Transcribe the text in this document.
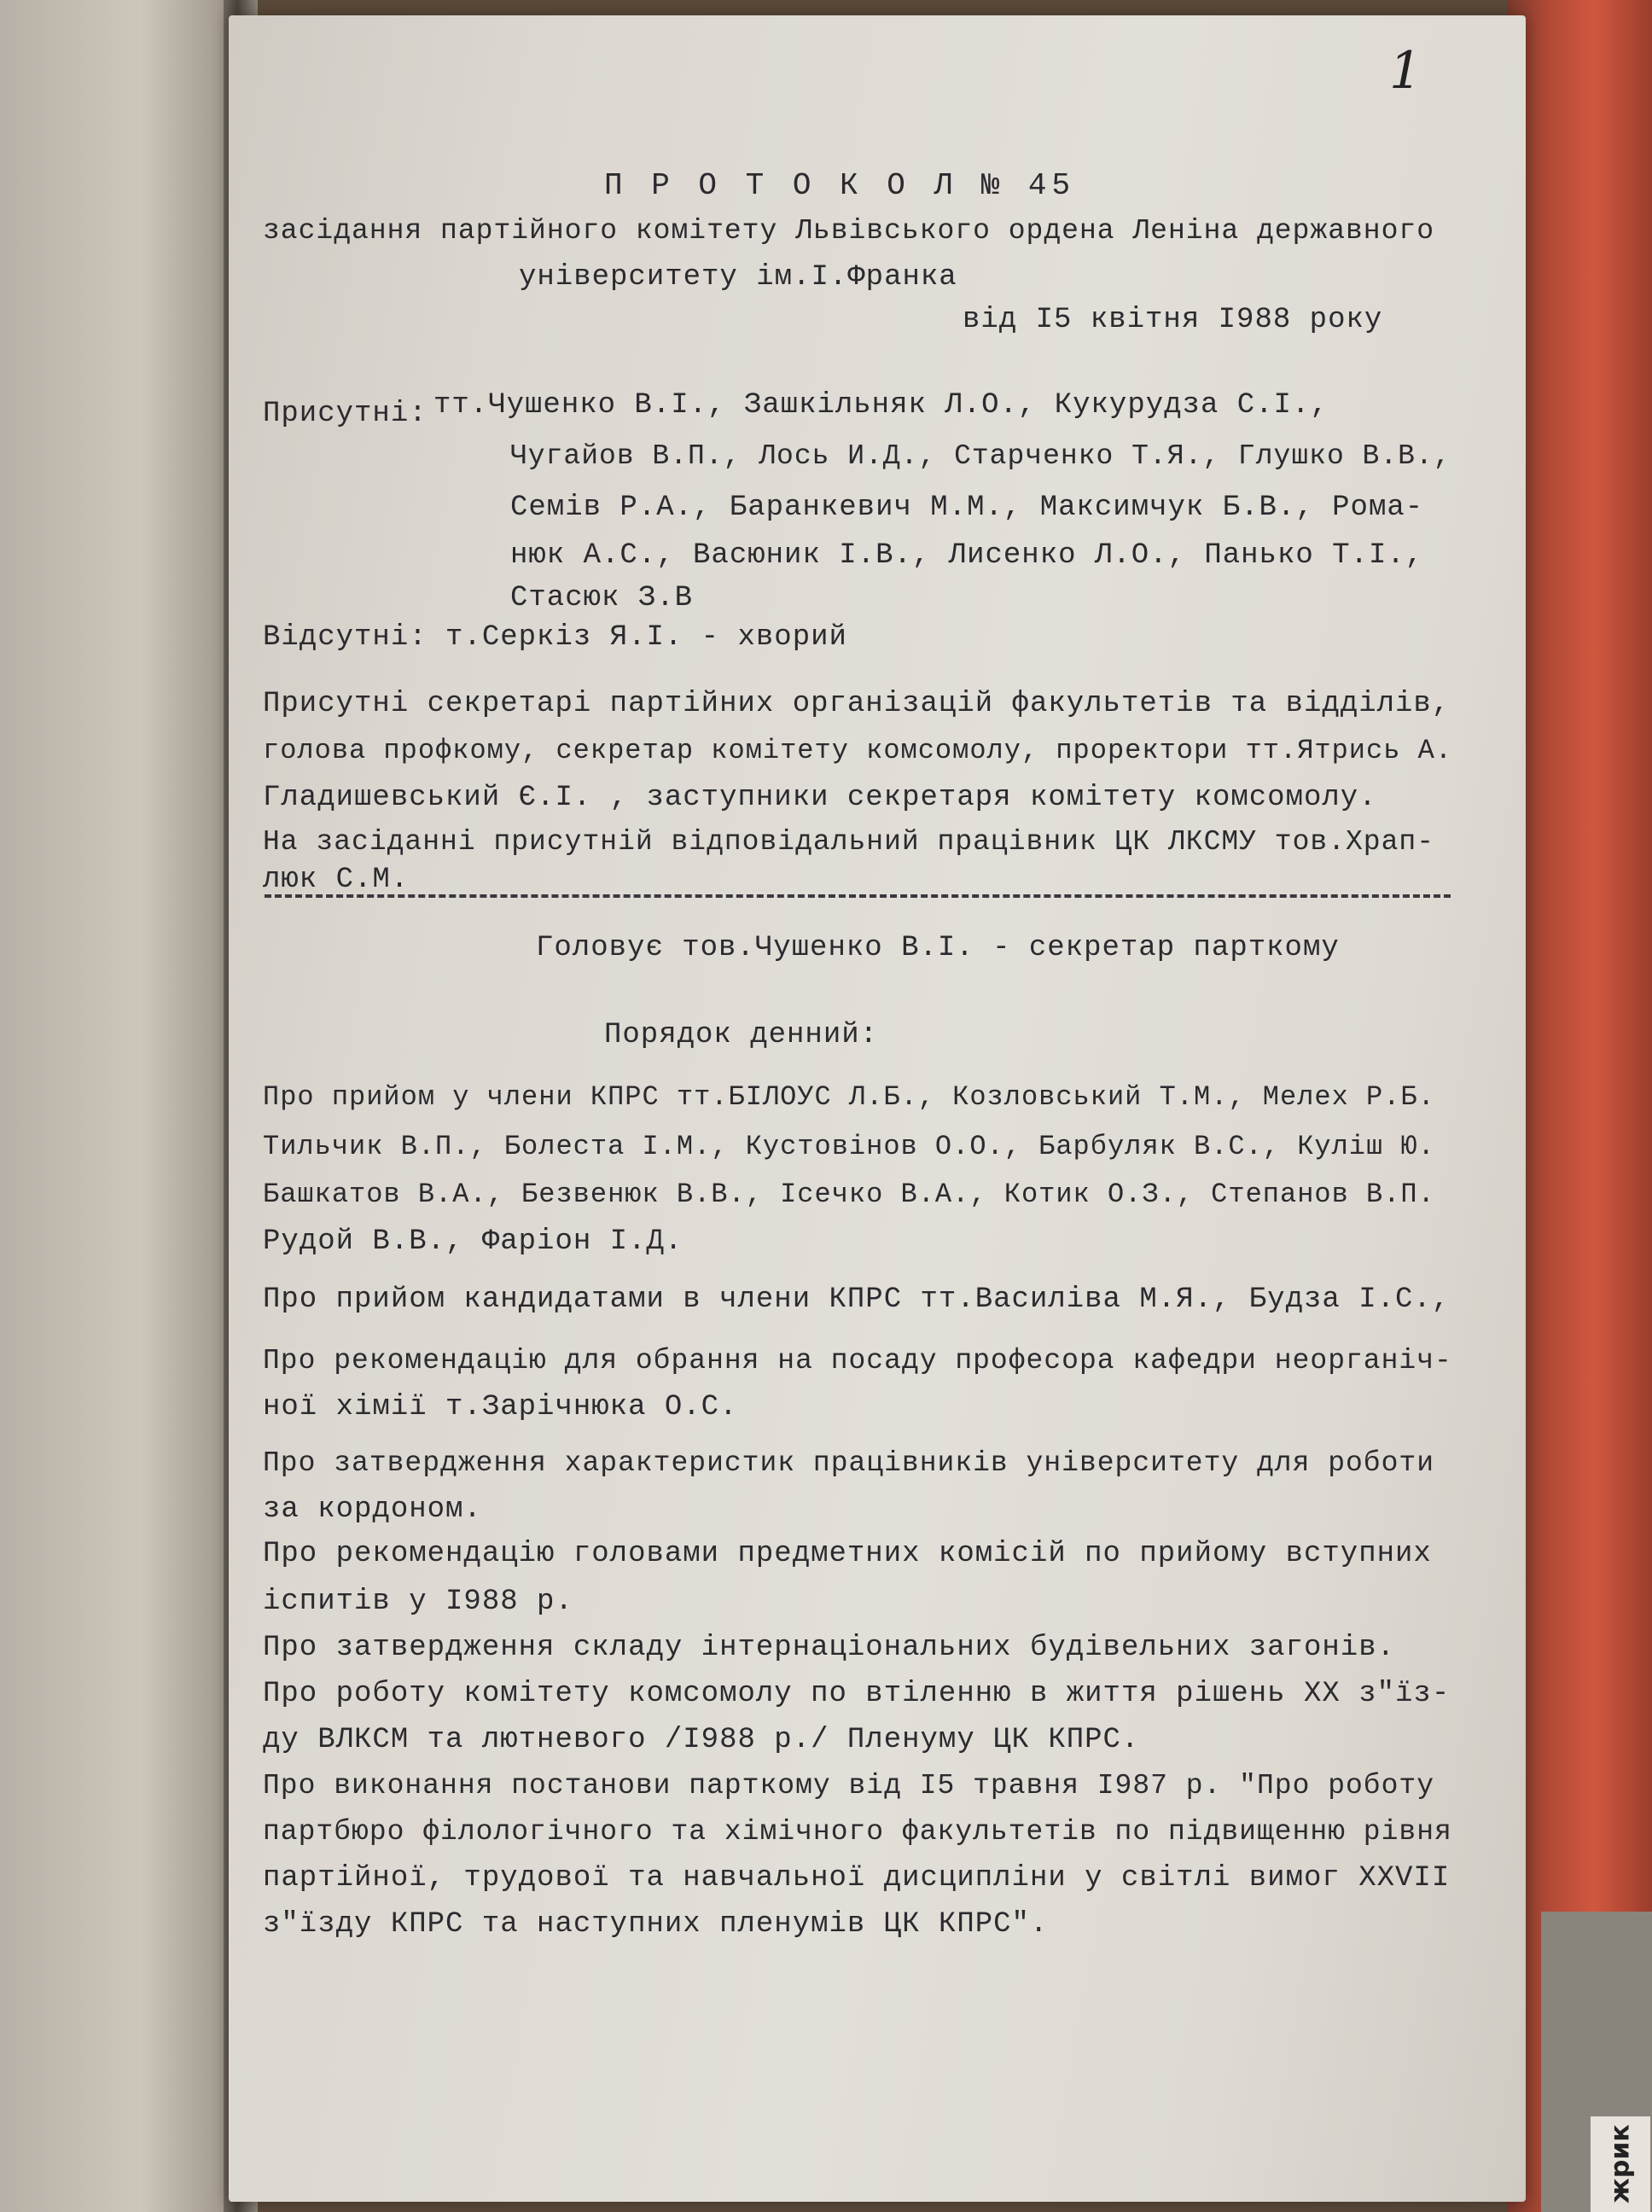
жрик
1
П Р О Т О К О Л № 45
засідання партійного комітету Львівського ордена Леніна державного
університету ім.І.Франка
від I5 квітня I988 року
Присутні: тт.Чушенко В.І., Зашкільняк Л.О., Кукурудза С.І.,
Чугайов В.П., Лось И.Д., Старченко Т.Я., Глушко В.В.,
Семів Р.А., Баранкевич М.М., Максимчук Б.В., Рома-
нюк А.С., Васюник І.В., Лисенко Л.О., Панько Т.І.,
Стасюк З.В
Відсутні: т.Серкіз Я.І. - хворий
Присутні секретарі партійних організацій факультетів та відділів,
голова профкому, секретар комітету комсомолу, проректори тт.Ятрись А.
Гладишевський Є.І. , заступники секретаря комітету комсомолу.
На засіданні присутній відповідальний працівник ЦК ЛКСМУ тов.Храп-
люк С.М.
Головує тов.Чушенко В.І. - секретар парткому
Порядок денний:
Про прийом у члени КПРС тт.БІЛОУС Л.Б., Козловський Т.М., Мелех Р.Б.
Тильчик В.П., Болеста І.М., Кустовінов О.О., Барбуляк В.С., Куліш Ю.
Башкатов В.А., Безвенюк В.В., Ісечко В.А., Котик О.З., Степанов В.П.
Рудой В.В., Фаріон І.Д.
Про прийом кандидатами в члени КПРС тт.Василіва М.Я., Будза І.С.,
Про рекомендацію для обрання на посаду професора кафедри неорганіч-
ної хімії т.Зарічнюка О.С.
Про затвердження характеристик працівників університету для роботи
за кордоном.
Про рекомендацію головами предметних комісій по прийому вступних
іспитів у I988 р.
Про затвердження складу інтернаціональних будівельних загонів.
Про роботу комітету комсомолу по втіленню в життя рішень XX з"їз-
ду ВЛКСМ та лютневого /I988 р./ Пленуму ЦК КПРС.
Про виконання постанови парткому від I5 травня I987 р. "Про роботу
партбюро філологічного та хімічного факультетів по підвищенню рівня
партійної, трудової та навчальної дисципліни у світлі вимог XXVII
з"їзду КПРС та наступних пленумів ЦК КПРС".
